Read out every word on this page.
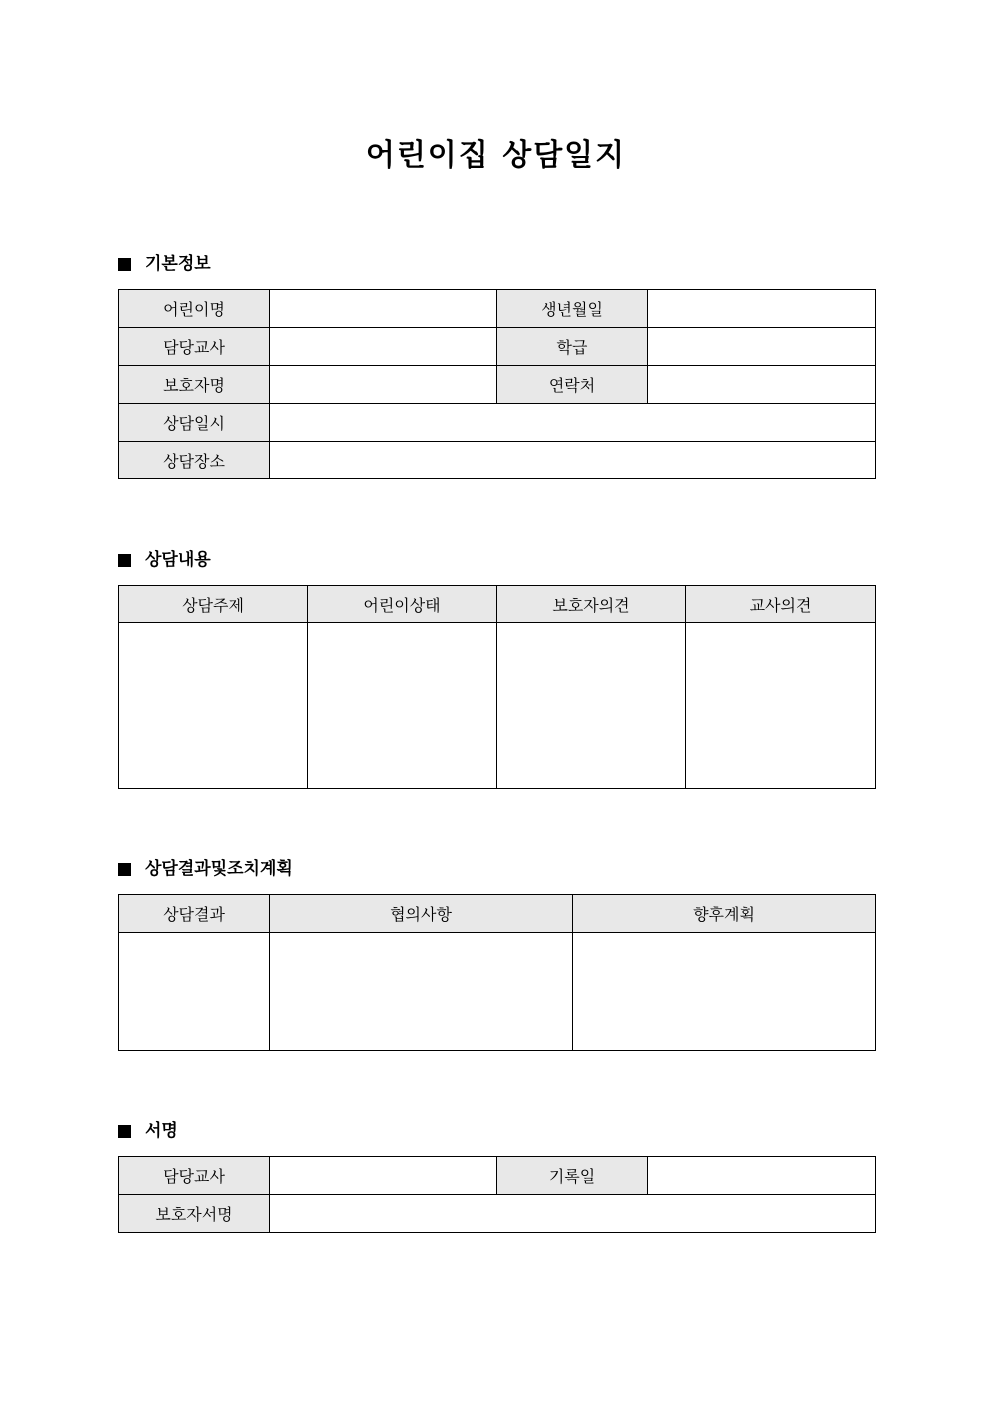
어린이집 상담일지
기본정보
어린이명		생년월일	
담당교사		학급	
보호자명		연락처	
상담일시			
상담장소			
상담내용
상담주제	어린이상태	보호자의견	교사의견

상담결과및조치계획
상담결과	협의사항	향후계획

서명
담당교사		기록일	
보호자서명			
